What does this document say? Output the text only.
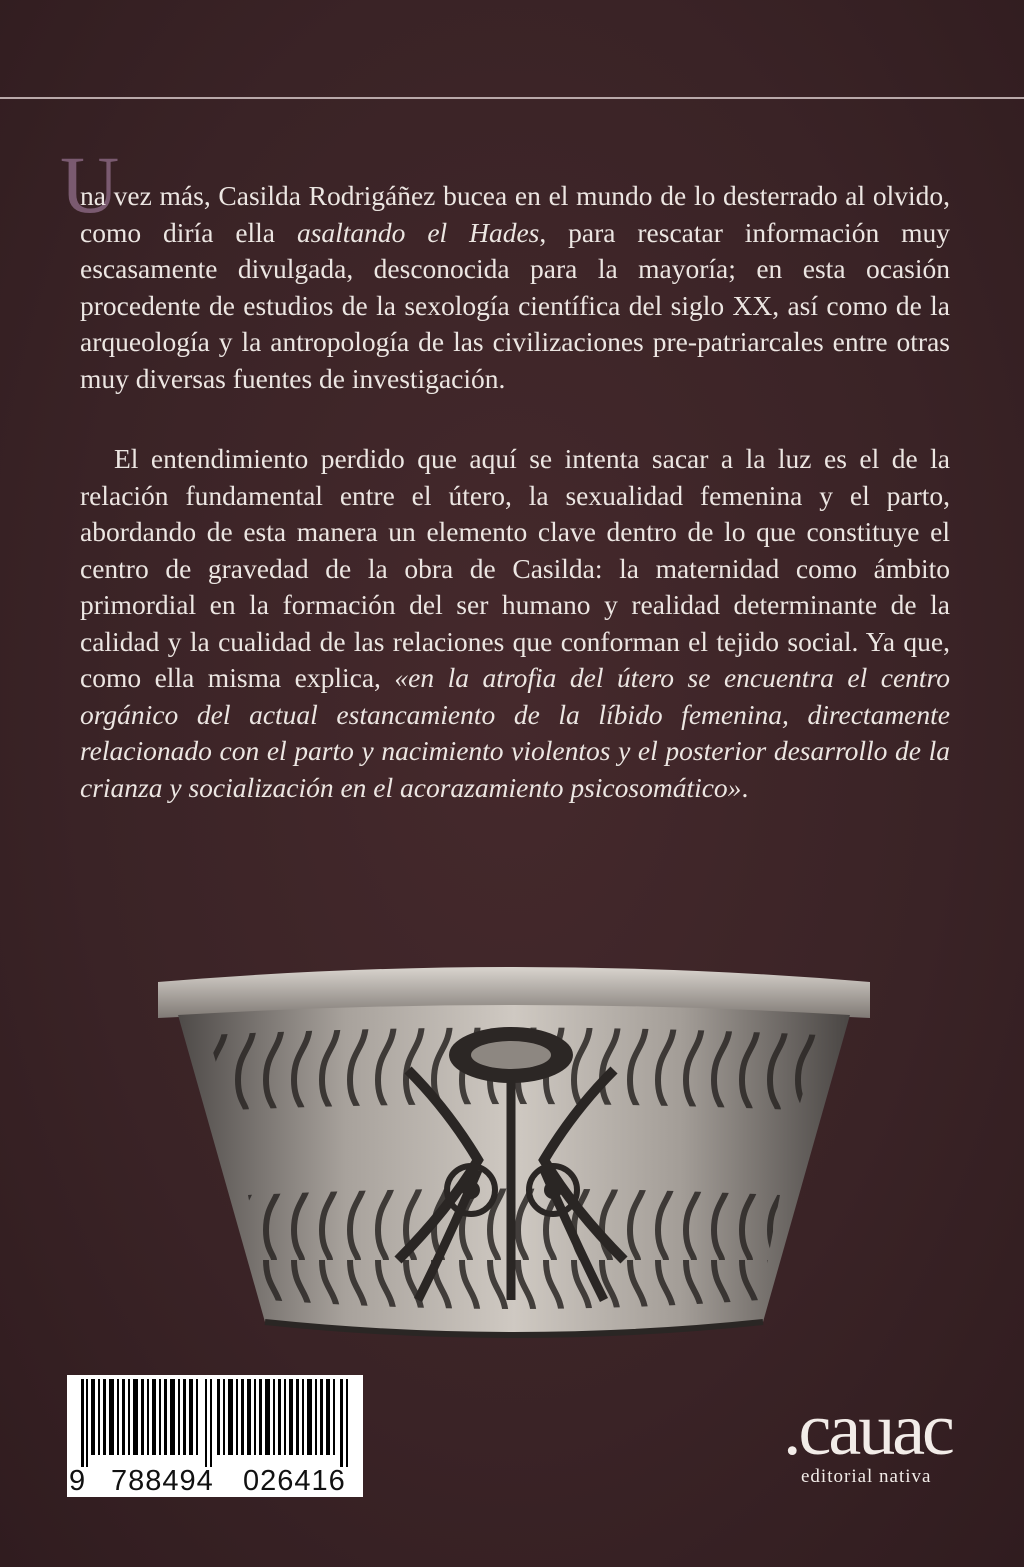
U

na vez más, Casilda Rodrigáñez bucea en el mundo de lo desterrado al olvido, como diría ella asaltando el Hades, para rescatar información muy escasamente divulgada, desconocida para la mayoría; en esta ocasión procedente de estudios de la sexología científica del siglo XX, así como de la arqueología y la antropología de las civilizaciones pre-patriarcales entre otras muy diversas fuentes de investigación.

El entendimiento perdido que aquí se intenta sacar a la luz es el de la relación fundamental entre el útero, la sexualidad femenina y el parto, abordando de esta manera un elemento clave dentro de lo que constituye el centro de gravedad de la obra de Casilda: la maternidad como ámbito primordial en la formación del ser humano y realidad determinante de la calidad y la cualidad de las relaciones que conforman el tejido social. Ya que, como ella misma explica, «en la atrofia del útero se encuentra el centro orgánico del actual estancamiento de la líbido femenina, directamente relacionado con el parto y nacimiento violentos y el posterior desarrollo de la crianza y socialización en el acorazamiento psicosomático».

9 788494 026416
.cauac
editorial nativa
